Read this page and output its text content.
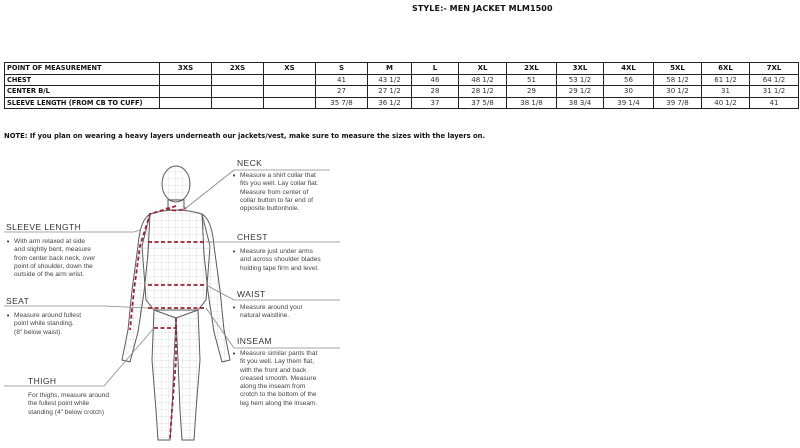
STYLE:- MEN JACKET MLM1500
POINT OF MEASUREMENT	3XS	2XS	XS	S	M	L	XL	2XL	3XL	4XL	5XL	6XL	7XL
CHEST				41	43 1/2	46	48 1/2	51	53 1/2	56	58 1/2	61 1/2	64 1/2
CENTER B/L				27	27 1/2	28	28 1/2	29	29 1/2	30	30 1/2	31	31 1/2
SLEEVE LENGTH (FROM CB TO CUFF)				35 7/8	36 1/2	37	37 5/8	38 1/8	38 3/4	39 1/4	39 7/8	40 1/2	41
NOTE: If you plan on wearing a heavy layers underneath our jackets/vest, make sure to measure the sizes with the layers on.
NECK
• Measure a shirt collar that
fits you well. Lay collar flat.
Measure from center of
collar button to far end of
opposite buttonhole.
CHEST
• Measure just under arms
and across shoulder blades
holding tape firm and level.
WAIST
• Measure around your
natural waistline.
INSEAM
• Measure similar pants that
fit you well. Lay them flat,
with the front and back
creased smooth. Measure
along the inseam from
crotch to the bottom of the
leg hem along the inseam.
SLEEVE LENGTH
• With arm relaxed at side
and slightly bent, measure
from center back neck, over
point of shoulder, down the
outside of the arm wrist.
SEAT
• Measure around fullest
point while standing.
(8" below waist).
THIGH
For thighs, measure around
the fullest point while
standing (4" below crotch)
